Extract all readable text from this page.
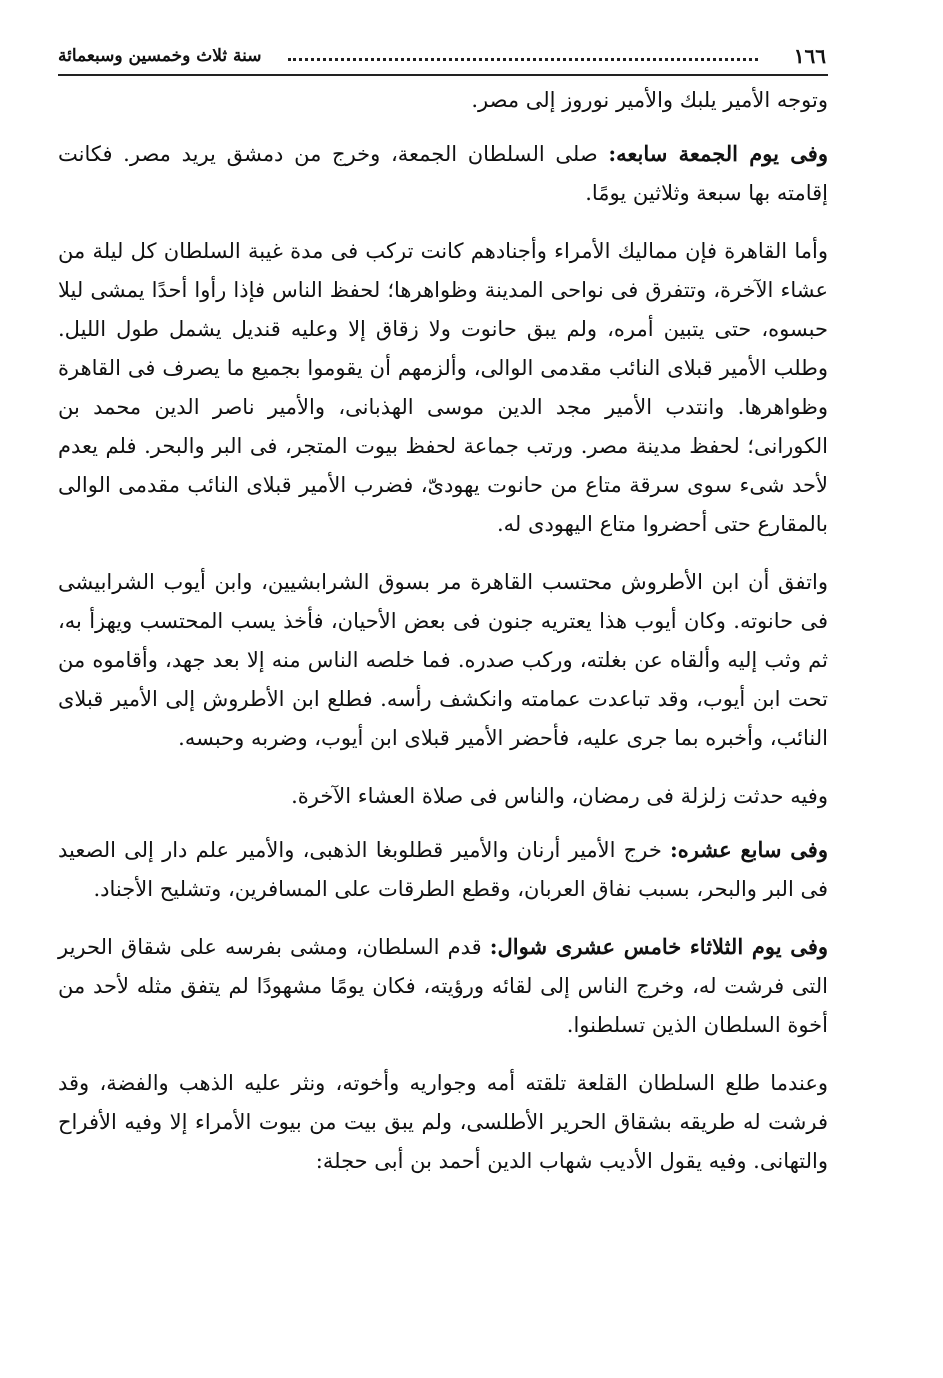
١٦٦
سنة ثلاث وخمسين وسبعمائة

وتوجه الأمير يلبك والأمير نوروز إلى مصر.

وفى يوم الجمعة سابعه: صلى السلطان الجمعة، وخرج من دمشق يريد مصر. فكانت إقامته بها سبعة وثلاثين يومًا.

وأما القاهرة فإن مماليك الأمراء وأجنادهم كانت تركب فى مدة غيبة السلطان كل ليلة من عشاء الآخرة، وتتفرق فى نواحى المدينة وظواهرها؛ لحفظ الناس فإذا رأوا أحدًا يمشى ليلا حبسوه، حتى يتبين أمره، ولم يبق حانوت ولا زقاق إلا وعليه قنديل يشمل طول الليل. وطلب الأمير قبلاى النائب مقدمى الوالى، وألزمهم أن يقوموا بجميع ما يصرف فى القاهرة وظواهرها. وانتدب الأمير مجد الدين موسى الهذبانى، والأمير ناصر الدين محمد بن الكورانى؛ لحفظ مدينة مصر. ورتب جماعة لحفظ بيوت المتجر، فى البر والبحر. فلم يعدم لأحد شىء سوى سرقة متاع من حانوت يهودىّ، فضرب الأمير قبلاى النائب مقدمى الوالى بالمقارع حتى أحضروا متاع اليهودى له.

واتفق أن ابن الأطروش محتسب القاهرة مر بسوق الشرابشيين، وابن أيوب الشرابيشى فى حانوته. وكان أيوب هذا يعتريه جنون فى بعض الأحيان، فأخذ يسب المحتسب ويهزأ به، ثم وثب إليه وألقاه عن بغلته، وركب صدره. فما خلصه الناس منه إلا بعد جهد، وأقاموه من تحت ابن أيوب، وقد تباعدت عمامته وانكشف رأسه. فطلع ابن الأطروش إلى الأمير قبلاى النائب، وأخبره بما جرى عليه، فأحضر الأمير قبلاى ابن أيوب، وضربه وحبسه.

وفيه حدثت زلزلة فى رمضان، والناس فى صلاة العشاء الآخرة.

وفى سابع عشره: خرج الأمير أرنان والأمير قطلوبغا الذهبى، والأمير علم دار إلى الصعيد فى البر والبحر، بسبب نفاق العربان، وقطع الطرقات على المسافرين، وتشليح الأجناد.

وفى يوم الثلاثاء خامس عشرى شوال: قدم السلطان، ومشى بفرسه على شقاق الحرير التى فرشت له، وخرج الناس إلى لقائه ورؤيته، فكان يومًا مشهودًا لم يتفق مثله لأحد من أخوة السلطان الذين تسلطنوا.

وعندما طلع السلطان القلعة تلقته أمه وجواريه وأخوته، ونثر عليه الذهب والفضة، وقد فرشت له طريقه بشقاق الحرير الأطلسى، ولم يبق بيت من بيوت الأمراء إلا وفيه الأفراح والتهانى. وفيه يقول الأديب شهاب الدين أحمد بن أبى حجلة:
